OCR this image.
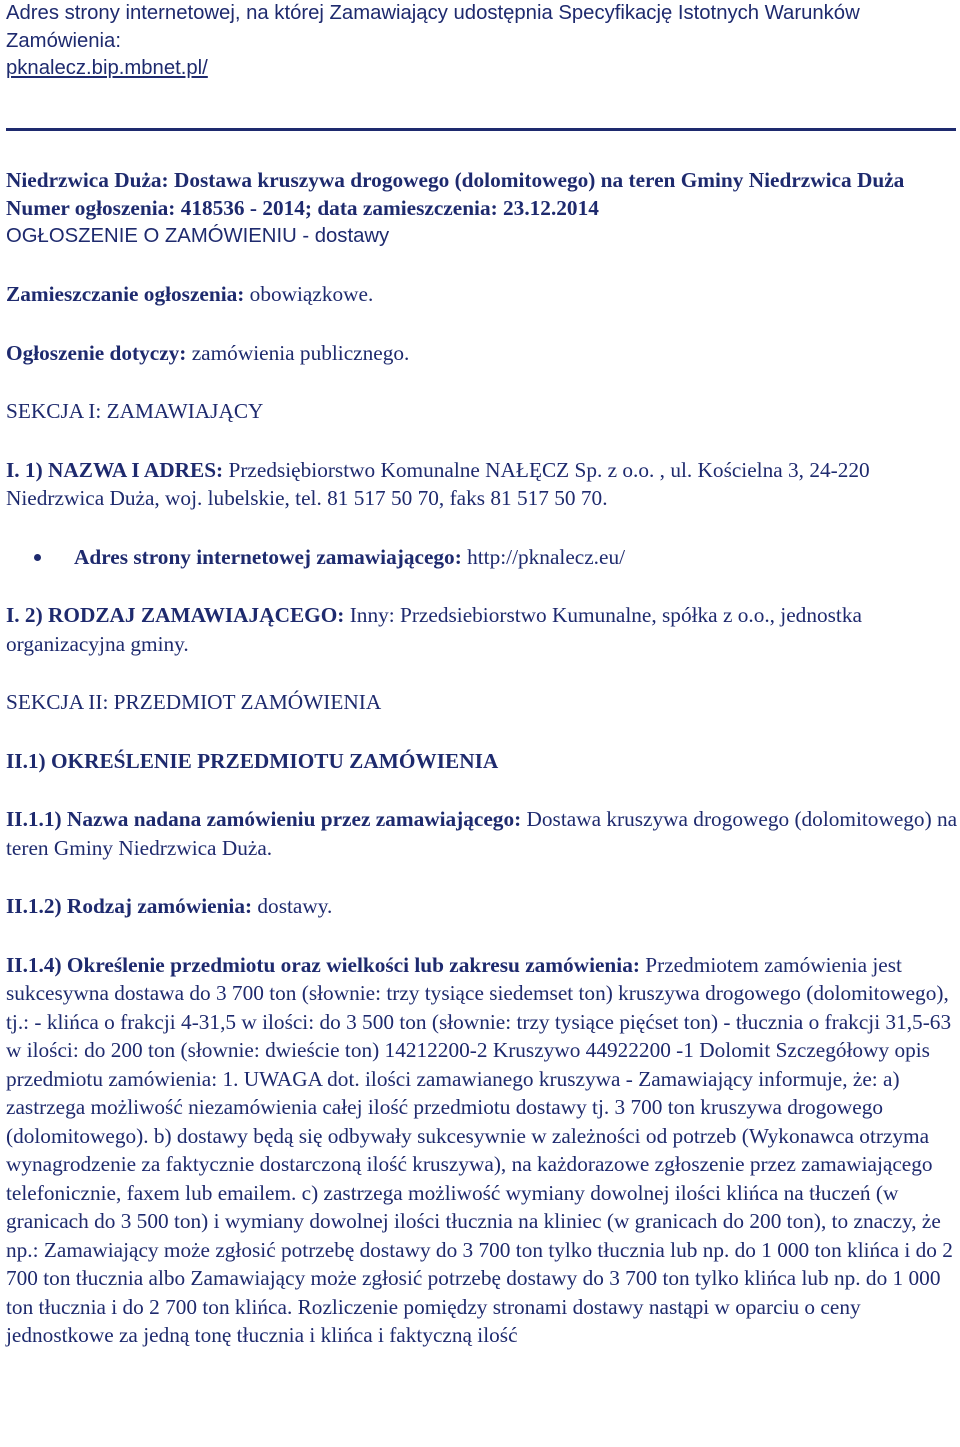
Adres strony internetowej, na której Zamawiający udostępnia Specyfikację Istotnych Warunków Zamówienia:

pknalecz.bip.mbnet.pl/

Niedrzwica Duża: Dostawa kruszywa drogowego (dolomitowego) na teren Gminy Niedrzwica Duża

Numer ogłoszenia: 418536 - 2014; data zamieszczenia: 23.12.2014

OGŁOSZENIE O ZAMÓWIENIU - dostawy

Zamieszczanie ogłoszenia: obowiązkowe.

Ogłoszenie dotyczy: zamówienia publicznego.

SEKCJA I: ZAMAWIAJĄCY

I. 1) NAZWA I ADRES: Przedsiębiorstwo Komunalne NAŁĘCZ Sp. z o.o. , ul. Kościelna 3, 24-220 Niedrzwica Duża, woj. lubelskie, tel. 81 517 50 70, faks 81 517 50 70.

Adres strony internetowej zamawiającego: http://pknalecz.eu/

I. 2) RODZAJ ZAMAWIAJĄCEGO: Inny: Przedsiebiorstwo Kumunalne, spółka z o.o., jednostka organizacyjna gminy.

SEKCJA II: PRZEDMIOT ZAMÓWIENIA

II.1) OKREŚLENIE PRZEDMIOTU ZAMÓWIENIA

II.1.1) Nazwa nadana zamówieniu przez zamawiającego: Dostawa kruszywa drogowego (dolomitowego) na teren Gminy Niedrzwica Duża.

II.1.2) Rodzaj zamówienia: dostawy.

II.1.4) Określenie przedmiotu oraz wielkości lub zakresu zamówienia: Przedmiotem zamówienia jest sukcesywna dostawa do 3 700 ton (słownie: trzy tysiące siedemset ton) kruszywa drogowego (dolomitowego), tj.: - klińca o frakcji 4-31,5 w ilości: do 3 500 ton (słownie: trzy tysiące pięćset ton) - tłucznia o frakcji 31,5-63 w ilości: do 200 ton (słownie: dwieście ton) 14212200-2 Kruszywo 44922200 -1 Dolomit Szczegółowy opis przedmiotu zamówienia: 1. UWAGA dot. ilości zamawianego kruszywa - Zamawiający informuje, że: a) zastrzega możliwość niezamówienia całej ilość przedmiotu dostawy tj. 3 700 ton kruszywa drogowego (dolomitowego). b) dostawy będą się odbywały sukcesywnie w zależności od potrzeb (Wykonawca otrzyma wynagrodzenie za faktycznie dostarczoną ilość kruszywa), na każdorazowe zgłoszenie przez zamawiającego telefonicznie, faxem lub emailem. c) zastrzega możliwość wymiany dowolnej ilości klińca na tłuczeń (w granicach do 3 500 ton) i wymiany dowolnej ilości tłucznia na kliniec (w granicach do 200 ton), to znaczy, że np.: Zamawiający może zgłosić potrzebę dostawy do 3 700 ton tylko tłucznia lub np. do 1 000 ton klińca i do 2 700 ton tłucznia albo Zamawiający może zgłosić potrzebę dostawy do 3 700 ton tylko klińca lub np. do 1 000 ton tłucznia i do 2 700 ton klińca. Rozliczenie pomiędzy stronami dostawy nastąpi w oparciu o ceny jednostkowe za jedną tonę tłucznia i klińca i faktyczną ilość
